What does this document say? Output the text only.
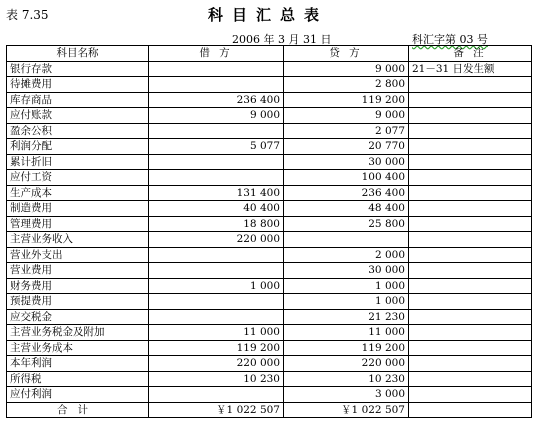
表 7.35	科目汇总表
2006 年 3 月 31 日	科汇字第 03 号
科目名称	借 方	贷 方	备 注
银行存款		9 000	21－31 日发生额
待摊费用		2 800	
库存商品	236 400	119 200	
应付账款	9 000	9 000	
盈余公积		2 077	
利润分配	5 077	20 770	
累计折旧		30 000	
应付工资		100 400	
生产成本	131 400	236 400	
制造费用	40 400	48 400	
管理费用	18 800	25 800	
主营业务收入	220 000		
营业外支出		2 000	
营业费用		30 000	
财务费用	1 000	1 000	
预提费用		1 000	
应交税金		21 230	
主营业务税金及附加	11 000	11 000	
主营业务成本	119 200	119 200	
本年利润	220 000	220 000	
所得税	10 230	10 230	
应付利润		3 000	
合计	￥1 022 507	￥1 022 507	
